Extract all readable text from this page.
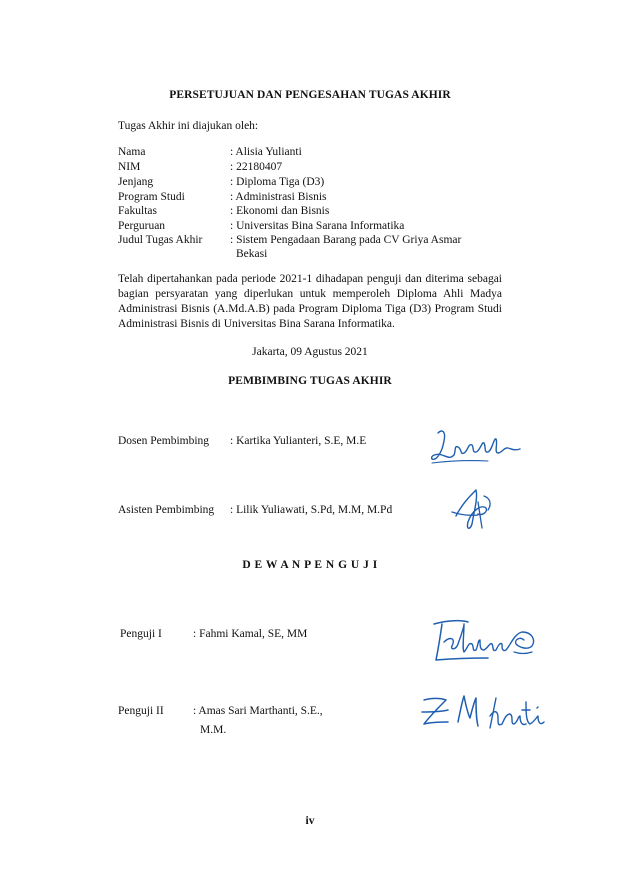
PERSETUJUAN DAN PENGESAHAN TUGAS AKHIR
Tugas Akhir ini diajukan oleh:
Nama	: Alisia Yulianti
NIM	: 22180407
Jenjang	: Diploma Tiga (D3)
Program Studi	: Administrasi Bisnis
Fakultas	: Ekonomi dan Bisnis
Perguruan	: Universitas Bina Sarana Informatika
Judul Tugas Akhir	: Sistem Pengadaan Barang pada CV Griya Asmar
Bekasi
Telah dipertahankan pada periode 2021-1 dihadapan penguji dan diterima sebagai bagian persyaratan yang diperlukan untuk memperoleh Diploma Ahli Madya Administrasi Bisnis (A.Md.A.B) pada Program Diploma Tiga (D3) Program Studi Administrasi Bisnis di Universitas Bina Sarana Informatika.
Jakarta, 09 Agustus 2021
PEMBIMBING TUGAS AKHIR
Dosen Pembimbing	: Kartika Yulianteri, S.E, M.E
Asisten Pembimbing	: Lilik Yuliawati, S.Pd, M.M, M.Pd
D E W A N P E N G U J I
Penguji I	: Fahmi Kamal, SE, MM
Penguji II	: Amas Sari Marthanti, S.E.,
M.M.
iv
